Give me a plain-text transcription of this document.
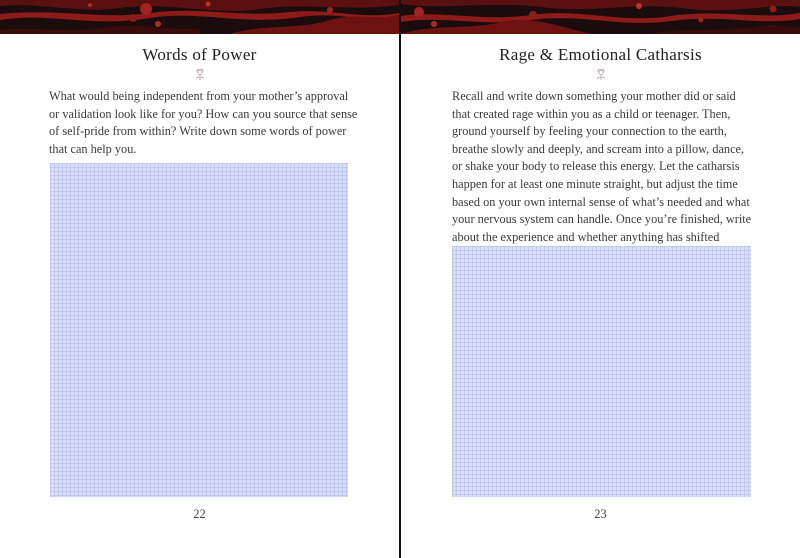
Words of Power

What would being independent from your mother’s approval or validation look like for you? How can you source that sense of self-pride from within? Write down some words of power that can help you.

22
Rage & Emotional Catharsis

Recall and write down something your mother did or said that created rage within you as a child or teenager. Then, ground yourself by feeling your connection to the earth, breathe slowly and deeply, and scream into a pillow, dance, or shake your body to release this energy. Let the catharsis happen for at least one minute straight, but adjust the time based on your own internal sense of what’s needed and what your nervous system can handle. Once you’re finished, write about the experience and whether anything has shifted

23
